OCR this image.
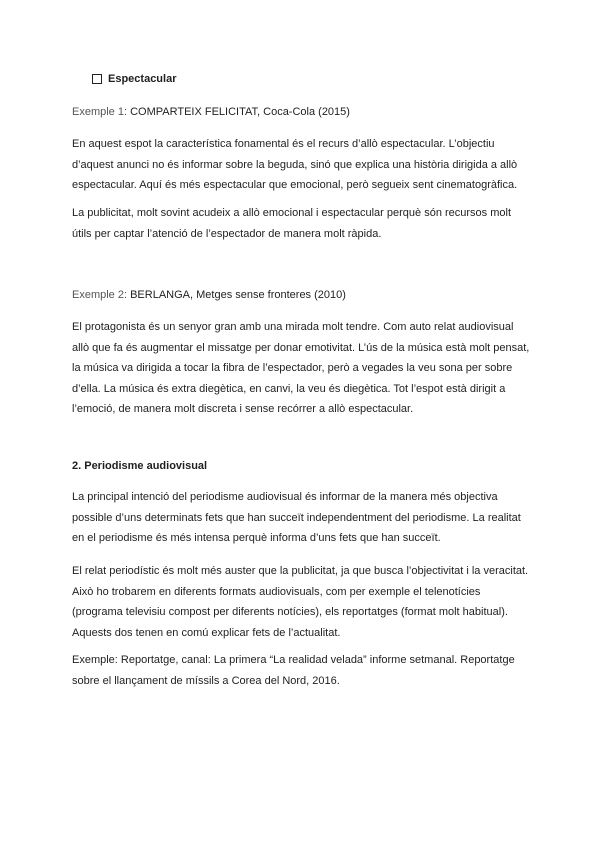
Espectacular

Exemple 1: COMPARTEIX FELICITAT, Coca-Cola (2015)

En aquest espot la característica fonamental és el recurs d’allò espectacular. L’objectiu d’aquest anunci no és informar sobre la beguda, sinó que explica una història dirigida a allò espectacular. Aquí és més espectacular que emocional, però segueix sent cinematogràfica.

La publicitat, molt sovint acudeix a allò emocional i espectacular perquè són recursos molt útils per captar l’atenció de l’espectador de manera molt ràpida.

Exemple 2: BERLANGA, Metges sense fronteres (2010)

El protagonista és un senyor gran amb una mirada molt tendre. Com auto relat audiovisual allò que fa és augmentar el missatge per donar emotivitat. L’ús de la música està molt pensat, la música va dirigida a tocar la fibra de l’espectador, però a vegades la veu sona per sobre d’ella. La música és extra diegètica, en canvi, la veu és diegètica. Tot l’espot està dirigit a l’emoció, de manera molt discreta i sense recórrer a allò espectacular.

2. Periodisme audiovisual

La principal intenció del periodisme audiovisual és informar de la manera més objectiva possible d’uns determinats fets que han succeït independentment del periodisme. La realitat en el periodisme és més intensa perquè informa d’uns fets que han succeït.

El relat periodístic és molt més auster que la publicitat, ja que busca l’objectivitat i la veracitat. Això ho trobarem en diferents formats audiovisuals, com per exemple el telenotícies (programa televisiu compost per diferents notícies), els reportatges (format molt habitual). Aquests dos tenen en comú explicar fets de l’actualitat.

Exemple: Reportatge, canal: La primera “La realidad velada” informe setmanal. Reportatge sobre el llançament de míssils a Corea del Nord, 2016.
